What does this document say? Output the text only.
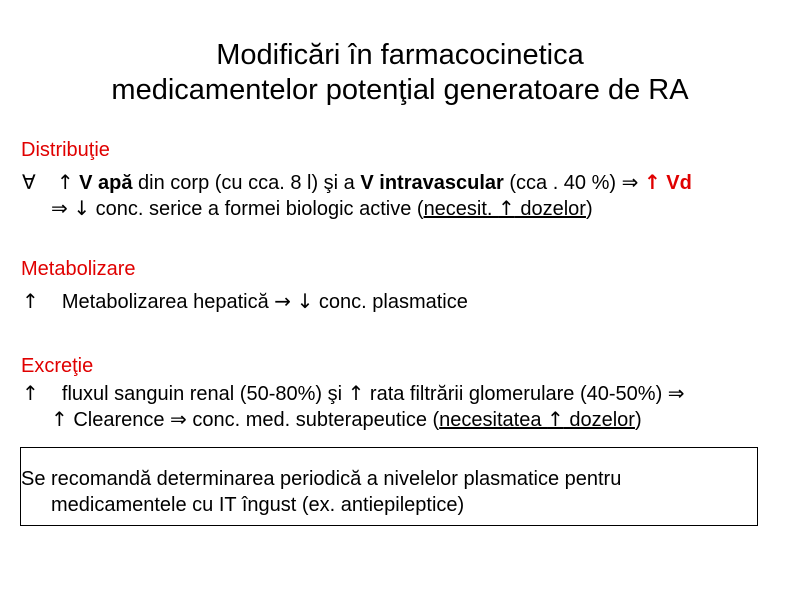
Modificări în farmacocinetica
medicamentelor potenţial generatoare de RA
Distribuţie
∀ ↑ V apă din corp (cu cca. 8 l) şi a V intravascular (cca . 40 %) ⇒ ↑ Vd
⇒ ↓ conc. serice a formei biologic active (necesit. ↑ dozelor)
Metabolizare
↑ Metabolizarea hepatică → ↓ conc. plasmatice
Excreţie
↑ fluxul sanguin renal (50-80%) şi ↑ rata filtrării glomerulare (40-50%) ⇒
↑ Clearence ⇒ conc. med. subterapeutice (necesitatea ↑ dozelor)
Se recomandă determinarea periodică a nivelelor plasmatice pentru
medicamentele cu IT îngust (ex. antiepileptice)
